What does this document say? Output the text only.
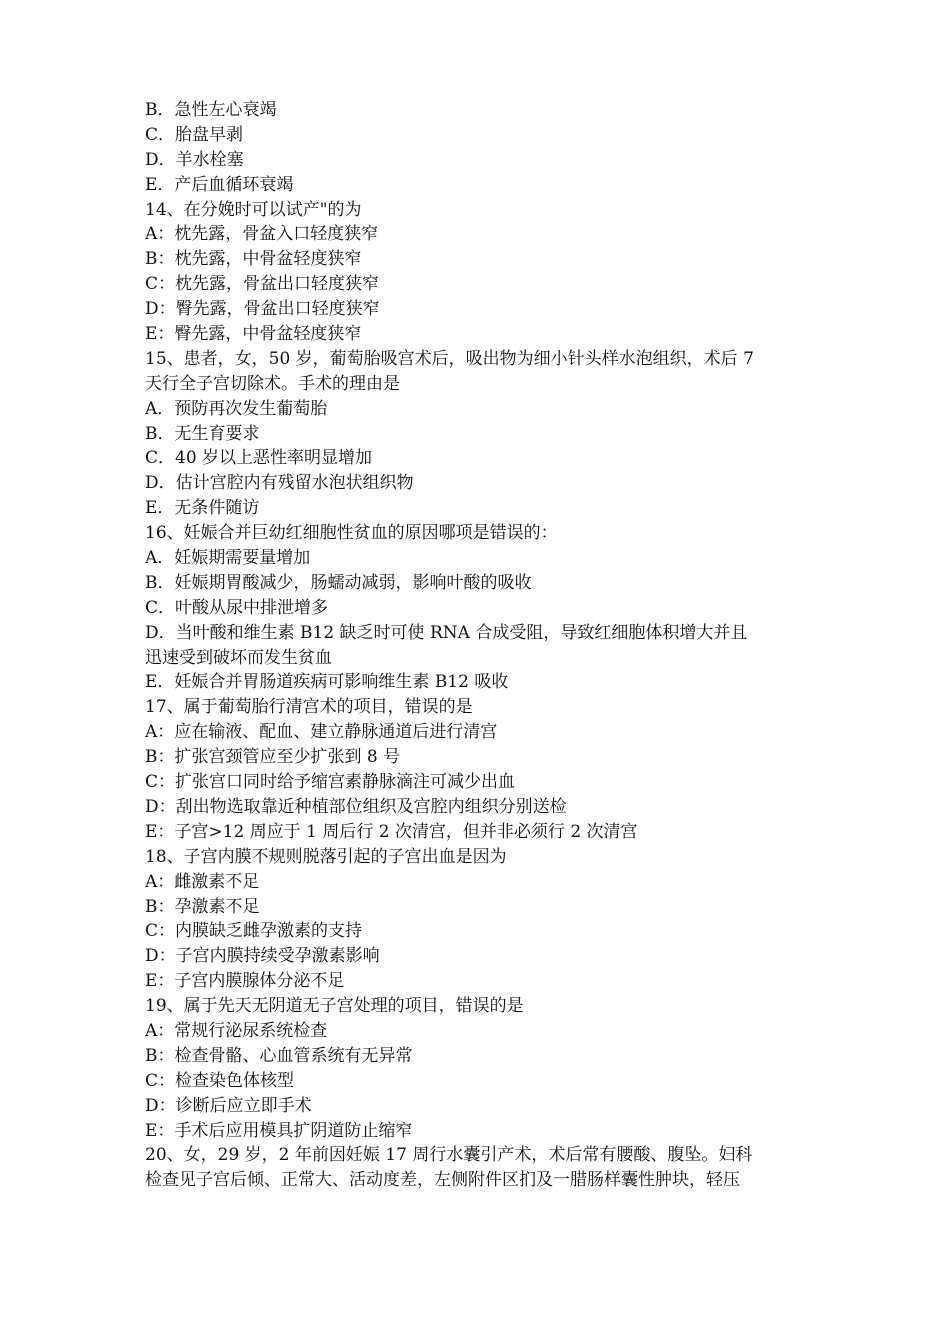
B．急性左心衰竭
C．胎盘早剥
D．羊水栓塞
E．产后血循环衰竭
14、在分娩时可以试产"的为
A：枕先露，骨盆入口轻度狭窄
B：枕先露，中骨盆轻度狭窄
C：枕先露，骨盆出口轻度狭窄
D：臀先露，骨盆出口轻度狭窄
E：臀先露，中骨盆轻度狭窄
15、患者，女，50 岁，葡萄胎吸宫术后，吸出物为细小针头样水泡组织，术后 7
天行全子宫切除术。手术的理由是
A．预防再次发生葡萄胎
B．无生育要求
C．40 岁以上恶性率明显增加
D．估计宫腔内有残留水泡状组织物
E．无条件随访
16、妊娠合并巨幼红细胞性贫血的原因哪项是错误的：
A．妊娠期需要量增加
B．妊娠期胃酸减少，肠蠕动减弱，影响叶酸的吸收
C．叶酸从尿中排泄增多
D．当叶酸和维生素 B12 缺乏时可使 RNA 合成受阻，导致红细胞体积增大并且
迅速受到破坏而发生贫血
E．妊娠合并胃肠道疾病可影响维生素 B12 吸收
17、属于葡萄胎行清宫术的项目，错误的是
A：应在输液、配血、建立静脉通道后进行清宫
B：扩张宫颈管应至少扩张到 8 号
C：扩张宫口同时给予缩宫素静脉滴注可减少出血
D：刮出物选取靠近种植部位组织及宫腔内组织分别送检
E：子宫>12 周应于 1 周后行 2 次清宫，但并非必须行 2 次清宫
18、子宫内膜不规则脱落引起的子宫出血是因为
A：雌激素不足
B：孕激素不足
C：内膜缺乏雌孕激素的支持
D：子宫内膜持续受孕激素影响
E：子宫内膜腺体分泌不足
19、属于先天无阴道无子宫处理的项目，错误的是
A：常规行泌尿系统检查
B：检查骨骼、心血管系统有无异常
C：检查染色体核型
D：诊断后应立即手术
E：手术后应用模具扩阴道防止缩窄
20、女，29 岁，2 年前因妊娠 17 周行水囊引产术，术后常有腰酸、腹坠。妇科
检查见子宫后倾、正常大、活动度差，左侧附件区扪及一腊肠样囊性肿块，轻压
